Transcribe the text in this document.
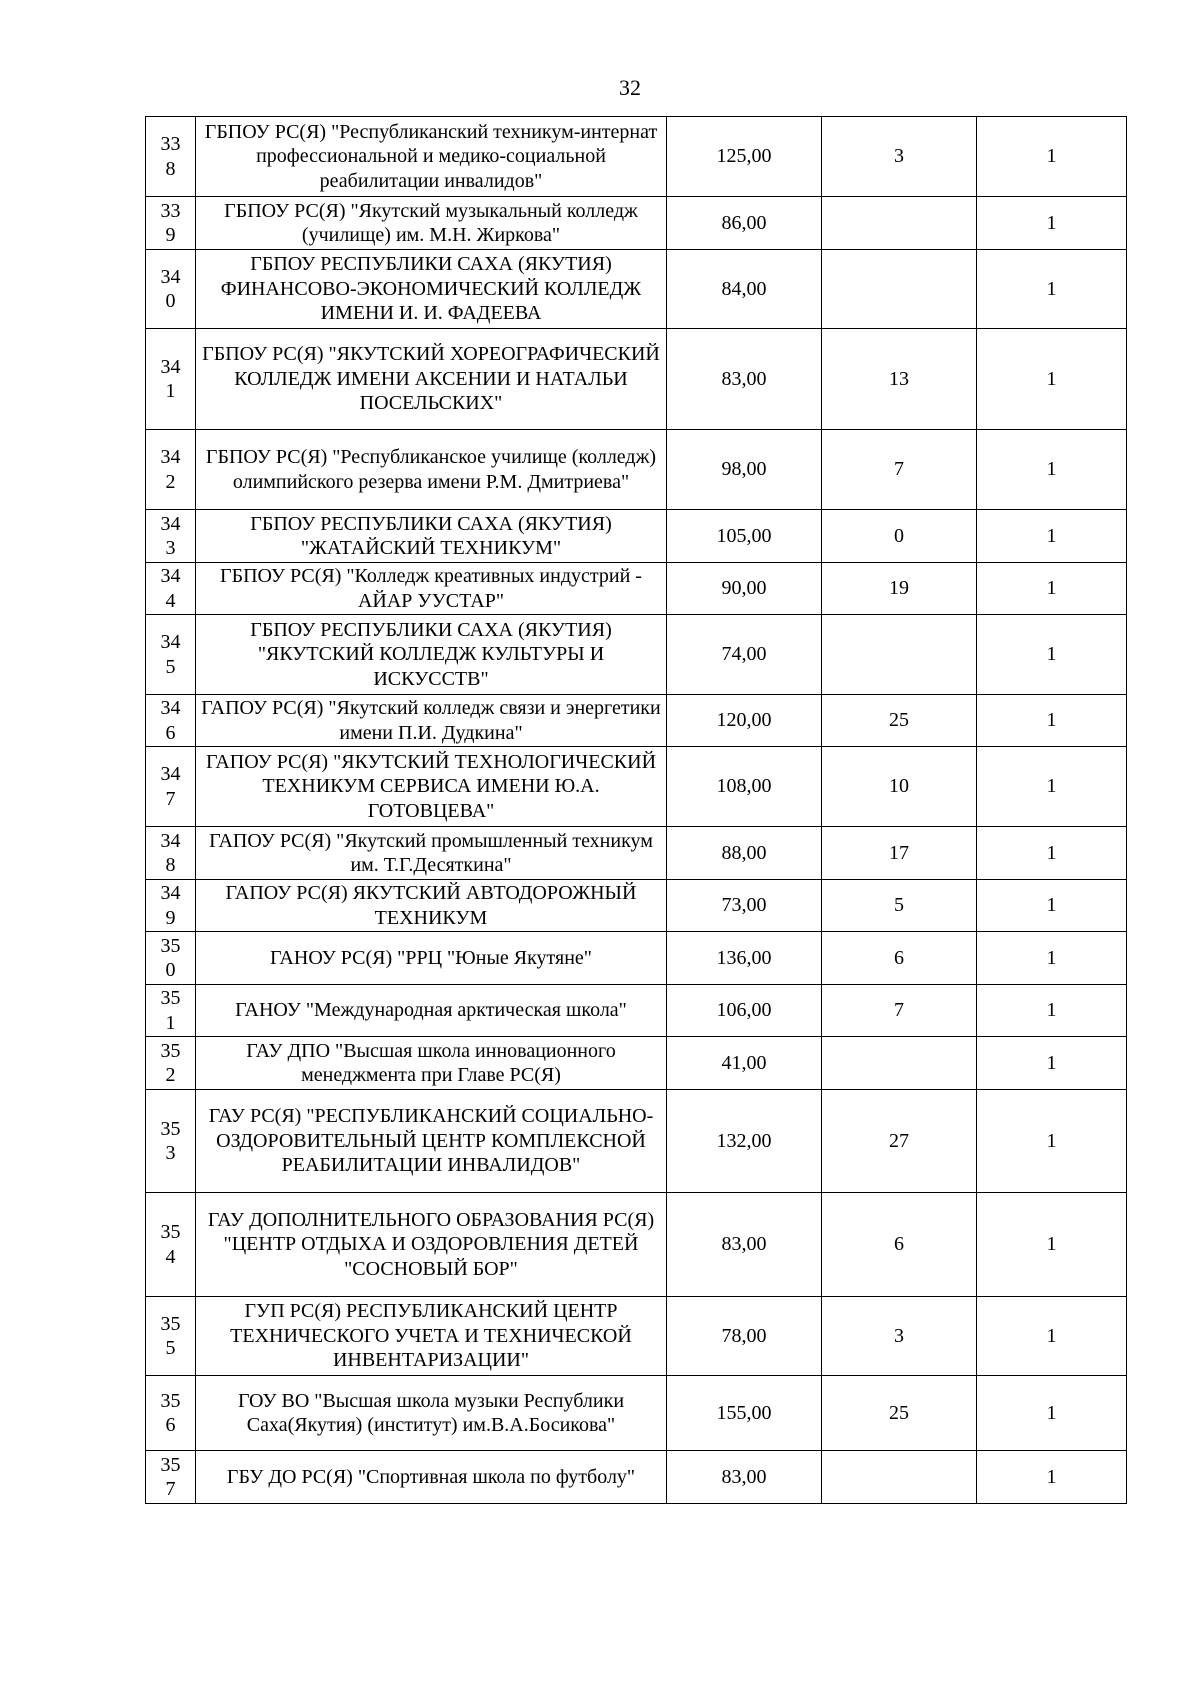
32
338	ГБПОУ РС(Я) "Республиканский техникум-интернат профессиональной и медико-социальной реабилитации инвалидов"	125,00	3	1
339	ГБПОУ РС(Я) "Якутский музыкальный колледж (училище) им. М.Н. Жиркова"	86,00		1
340	ГБПОУ РЕСПУБЛИКИ САХА (ЯКУТИЯ) ФИНАНСОВО-ЭКОНОМИЧЕСКИЙ КОЛЛЕДЖ ИМЕНИ И. И. ФАДЕЕВА	84,00		1
341	ГБПОУ РС(Я) "ЯКУТСКИЙ ХОРЕОГРАФИЧЕСКИЙ КОЛЛЕДЖ ИМЕНИ АКСЕНИИ И НАТАЛЬИ ПОСЕЛЬСКИХ"	83,00	13	1
342	ГБПОУ РС(Я) "Республиканское училище (колледж) олимпийского резерва имени Р.М. Дмитриева"	98,00	7	1
343	ГБПОУ РЕСПУБЛИКИ САХА (ЯКУТИЯ) "ЖАТАЙСКИЙ ТЕХНИКУМ"	105,00	0	1
344	ГБПОУ РС(Я) "Колледж креативных индустрий - АЙАР УУСТАР"	90,00	19	1
345	ГБПОУ РЕСПУБЛИКИ САХА (ЯКУТИЯ) "ЯКУТСКИЙ КОЛЛЕДЖ КУЛЬТУРЫ И ИСКУССТВ"	74,00		1
346	ГАПОУ РС(Я) "Якутский колледж связи и энергетики имени П.И. Дудкина"	120,00	25	1
347	ГАПОУ РС(Я) "ЯКУТСКИЙ ТЕХНОЛОГИЧЕСКИЙ ТЕХНИКУМ СЕРВИСА ИМЕНИ Ю.А. ГОТОВЦЕВА"	108,00	10	1
348	ГАПОУ РС(Я) "Якутский промышленный техникум им. Т.Г.Десяткина"	88,00	17	1
349	ГАПОУ РС(Я) ЯКУТСКИЙ АВТОДОРОЖНЫЙ ТЕХНИКУМ	73,00	5	1
350	ГАНОУ РС(Я) "РРЦ "Юные Якутяне"	136,00	6	1
351	ГАНОУ "Международная арктическая школа"	106,00	7	1
352	ГАУ ДПО "Высшая школа инновационного менеджмента при Главе РС(Я)	41,00		1
353	ГАУ РС(Я) "РЕСПУБЛИКАНСКИЙ СОЦИАЛЬНО-ОЗДОРОВИТЕЛЬНЫЙ ЦЕНТР КОМПЛЕКСНОЙ РЕАБИЛИТАЦИИ ИНВАЛИДОВ"	132,00	27	1
354	ГАУ ДОПОЛНИТЕЛЬНОГО ОБРАЗОВАНИЯ РС(Я) "ЦЕНТР ОТДЫХА И ОЗДОРОВЛЕНИЯ ДЕТЕЙ "СОСНОВЫЙ БОР"	83,00	6	1
355	ГУП РС(Я) РЕСПУБЛИКАНСКИЙ ЦЕНТР ТЕХНИЧЕСКОГО УЧЕТА И ТЕХНИЧЕСКОЙ ИНВЕНТАРИЗАЦИИ"	78,00	3	1
356	ГОУ ВО "Высшая школа музыки Республики Саха(Якутия) (институт) им.В.А.Босикова"	155,00	25	1
357	ГБУ ДО РС(Я) "Спортивная школа по футболу"	83,00		1
